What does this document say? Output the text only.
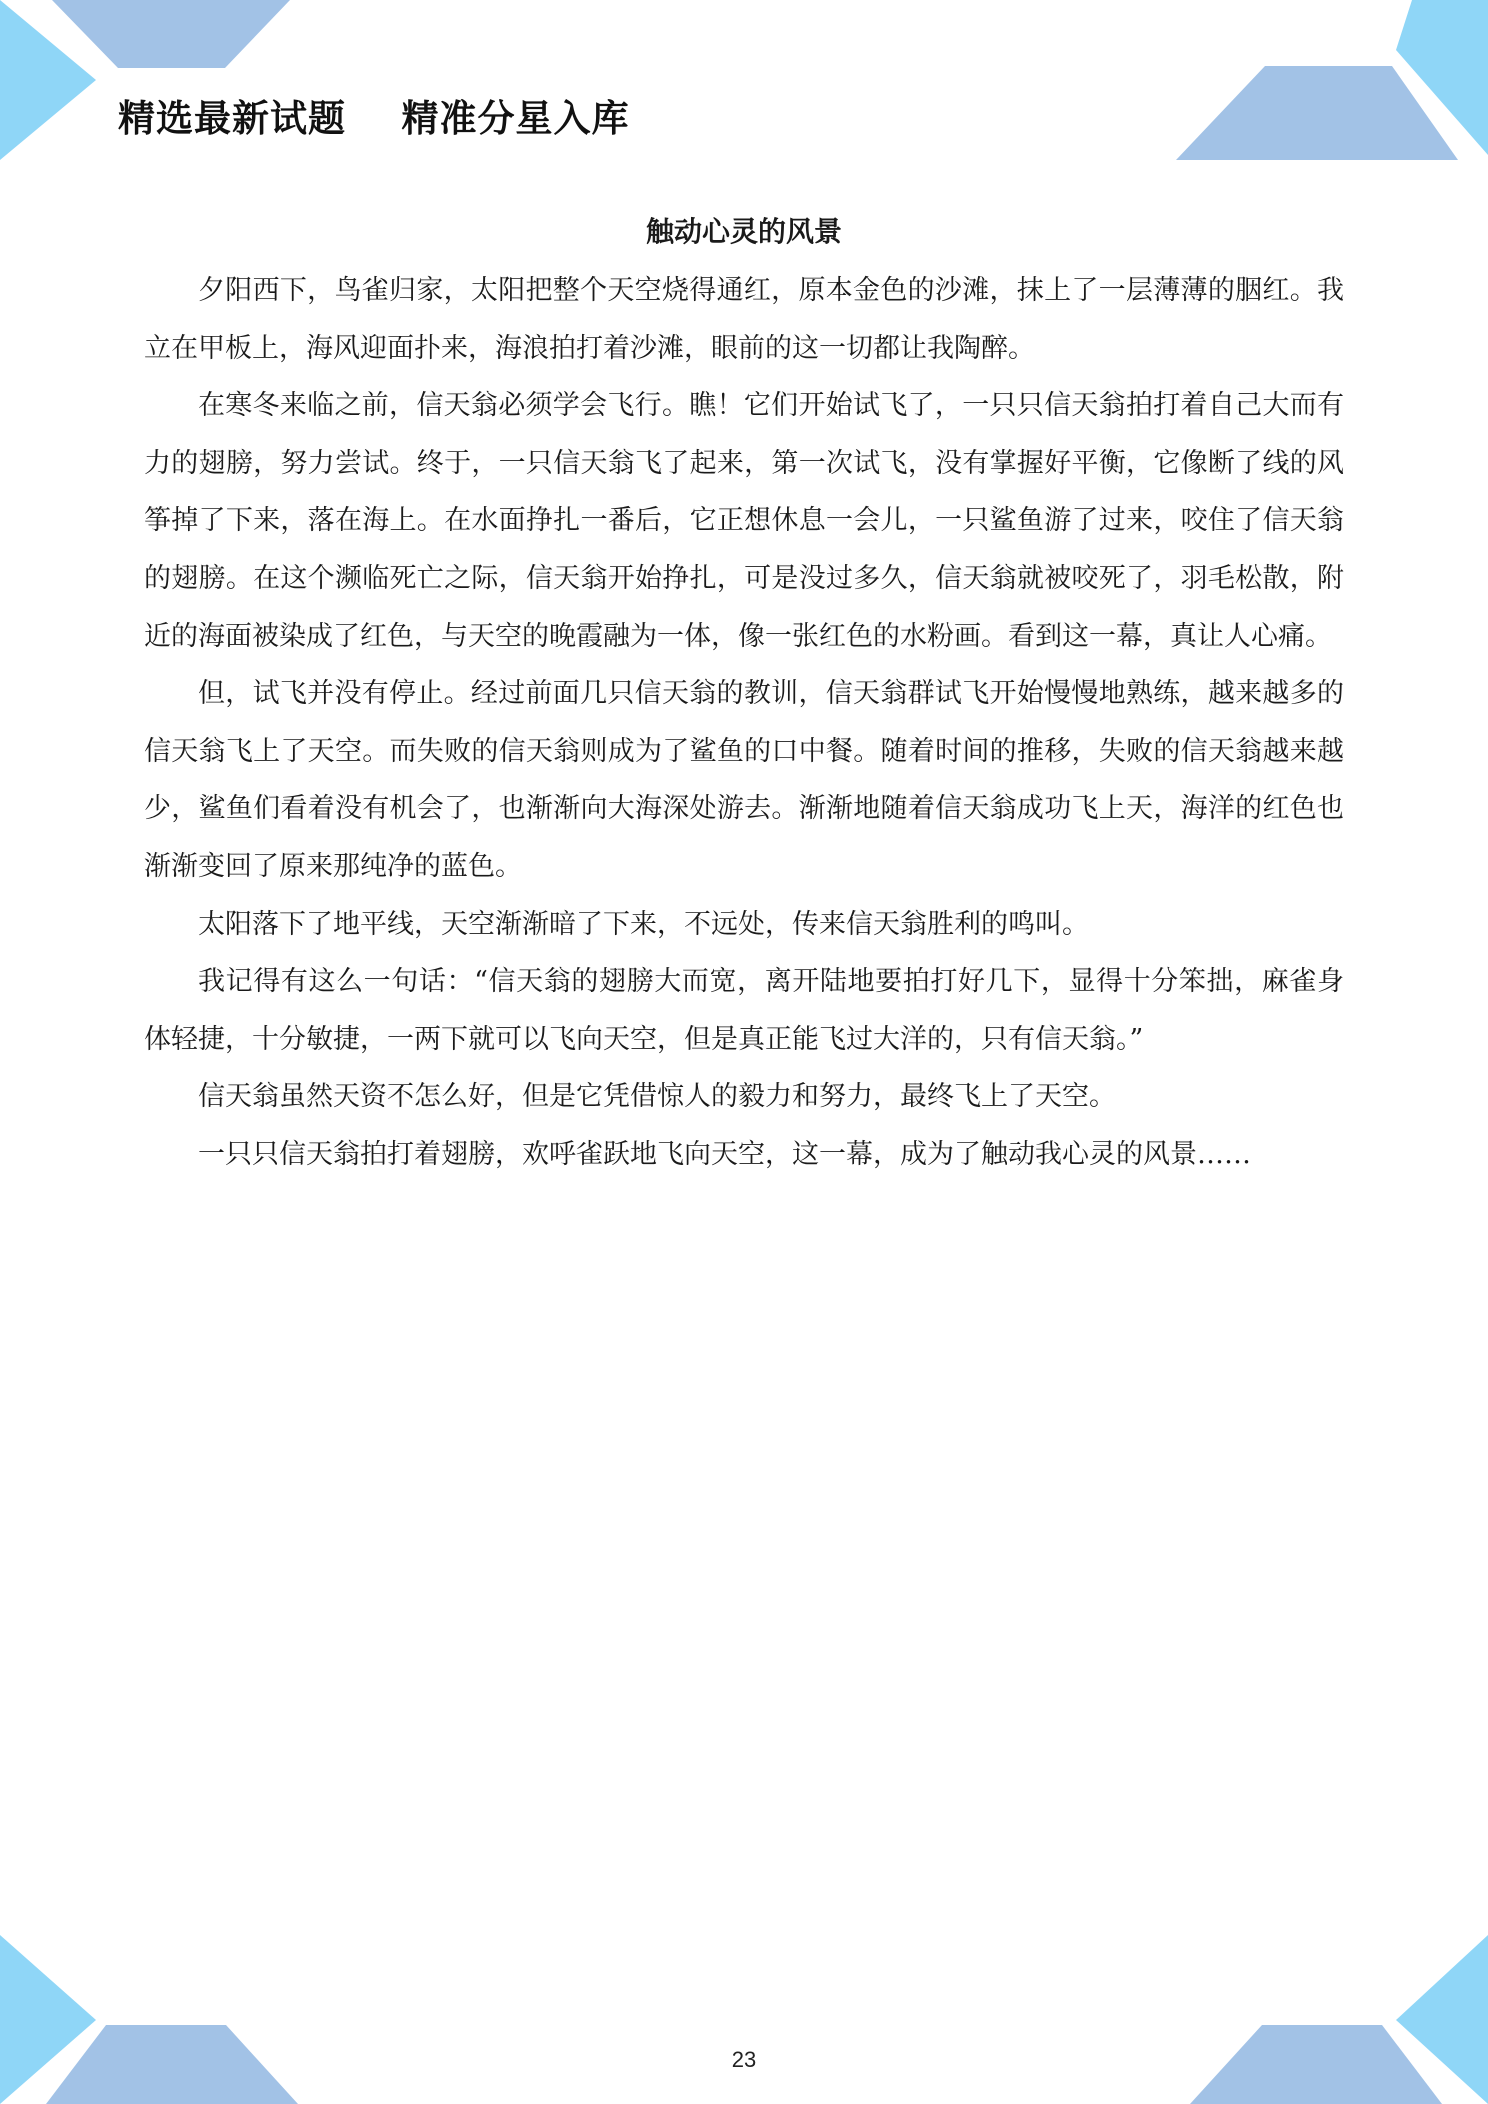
精选最新试题    精准分星入库
触动心灵的风景

夕阳西下，鸟雀归家，太阳把整个天空烧得通红，原本金色的沙滩，抹上了一层薄薄的胭红。我立在甲板上，海风迎面扑来，海浪拍打着沙滩，眼前的这一切都让我陶醉。

在寒冬来临之前，信天翁必须学会飞行。瞧！它们开始试飞了，一只只信天翁拍打着自己大而有力的翅膀，努力尝试。终于，一只信天翁飞了起来，第一次试飞，没有掌握好平衡，它像断了线的风筝掉了下来，落在海上。在水面挣扎一番后，它正想休息一会儿，一只鲨鱼游了过来，咬住了信天翁的翅膀。在这个濒临死亡之际，信天翁开始挣扎，可是没过多久，信天翁就被咬死了，羽毛松散，附近的海面被染成了红色，与天空的晚霞融为一体，像一张红色的水粉画。看到这一幕，真让人心痛。

但，试飞并没有停止。经过前面几只信天翁的教训，信天翁群试飞开始慢慢地熟练，越来越多的信天翁飞上了天空。而失败的信天翁则成为了鲨鱼的口中餐。随着时间的推移，失败的信天翁越来越少，鲨鱼们看着没有机会了，也渐渐向大海深处游去。渐渐地随着信天翁成功飞上天，海洋的红色也渐渐变回了原来那纯净的蓝色。

太阳落下了地平线，天空渐渐暗了下来，不远处，传来信天翁胜利的鸣叫。

我记得有这么一句话：“信天翁的翅膀大而宽，离开陆地要拍打好几下，显得十分笨拙，麻雀身体轻捷，十分敏捷，一两下就可以飞向天空，但是真正能飞过大洋的，只有信天翁。”

信天翁虽然天资不怎么好，但是它凭借惊人的毅力和努力，最终飞上了天空。

一只只信天翁拍打着翅膀，欢呼雀跃地飞向天空，这一幕，成为了触动我心灵的风景……

23
